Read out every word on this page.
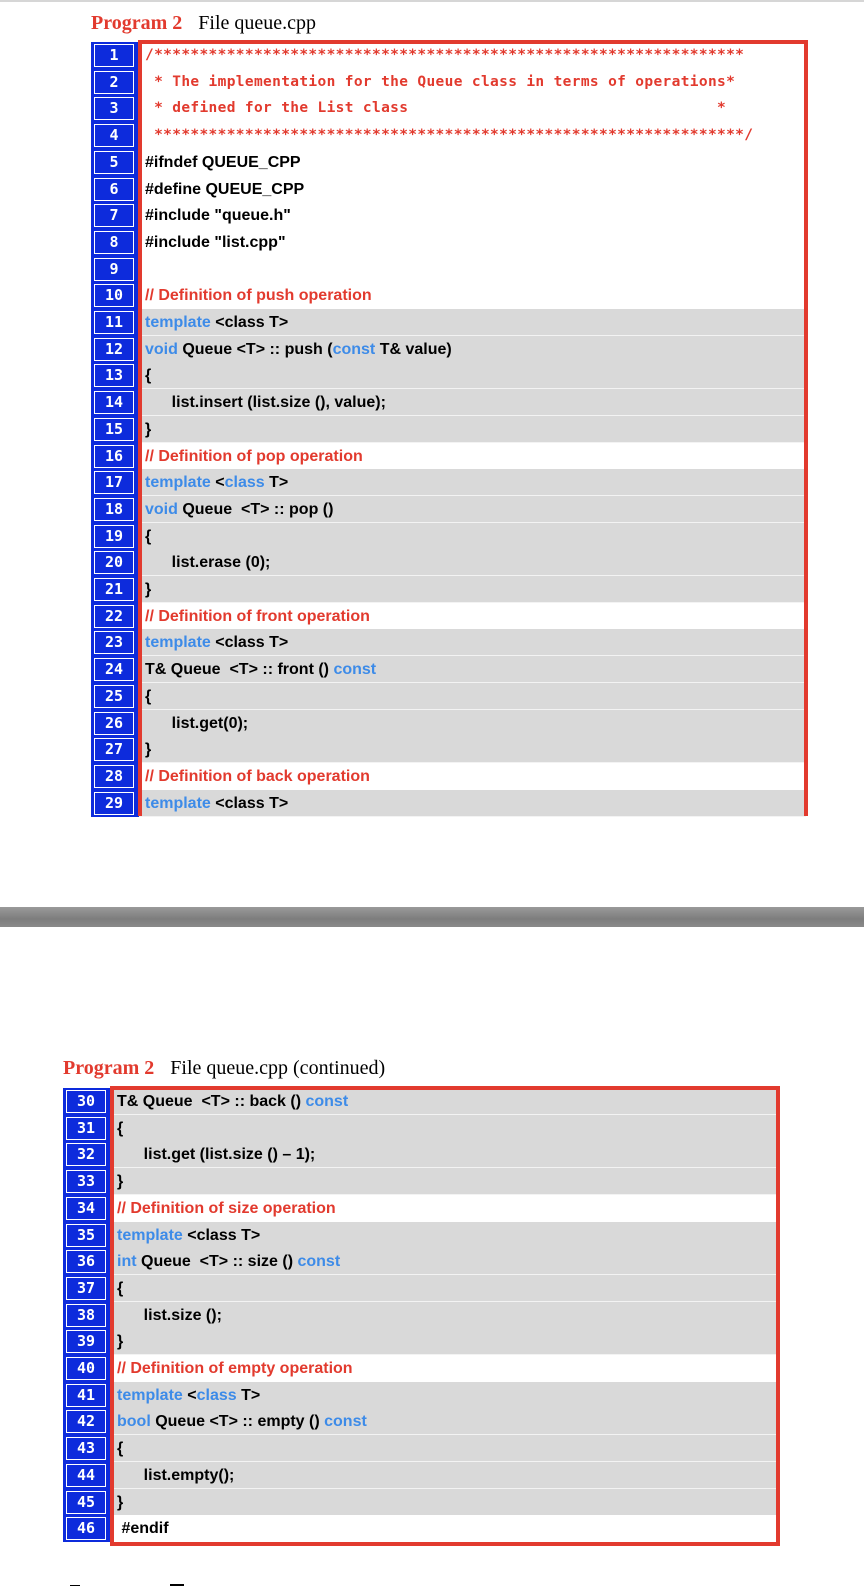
Program 2 File queue.cpp
1	/*****************************************************************
2	* The implementation for the Queue class in terms of operations*
3	* defined for the List class                                  *
4	*****************************************************************/
5	#ifndef QUEUE_CPP
6	#define QUEUE_CPP
7	#include "queue.h"
8	#include "list.cpp"
9
10	// Definition of push operation
11	template <class T>
12	void Queue <T> :: push (const T& value)
13	{
14	list.insert (list.size (), value);
15	}
16	// Definition of pop operation
17	template <class T>
18	void Queue  <T> :: pop ()
19	{
20	list.erase (0);
21	}
22	// Definition of front operation
23	template <class T>
24	T& Queue  <T> :: front () const
25	{
26	list.get(0);
27	}
28	// Definition of back operation
29	template <class T>
Program 2 File queue.cpp (continued)
30	T& Queue  <T> :: back () const
31	{
32	list.get (list.size () – 1);
33	}
34	// Definition of size operation
35	template <class T>
36	int Queue  <T> :: size () const
37	{
38	list.size ();
39	}
40	// Definition of empty operation
41	template <class T>
42	bool Queue <T> :: empty () const
43	{
44	list.empty();
45	}
46	#endif
